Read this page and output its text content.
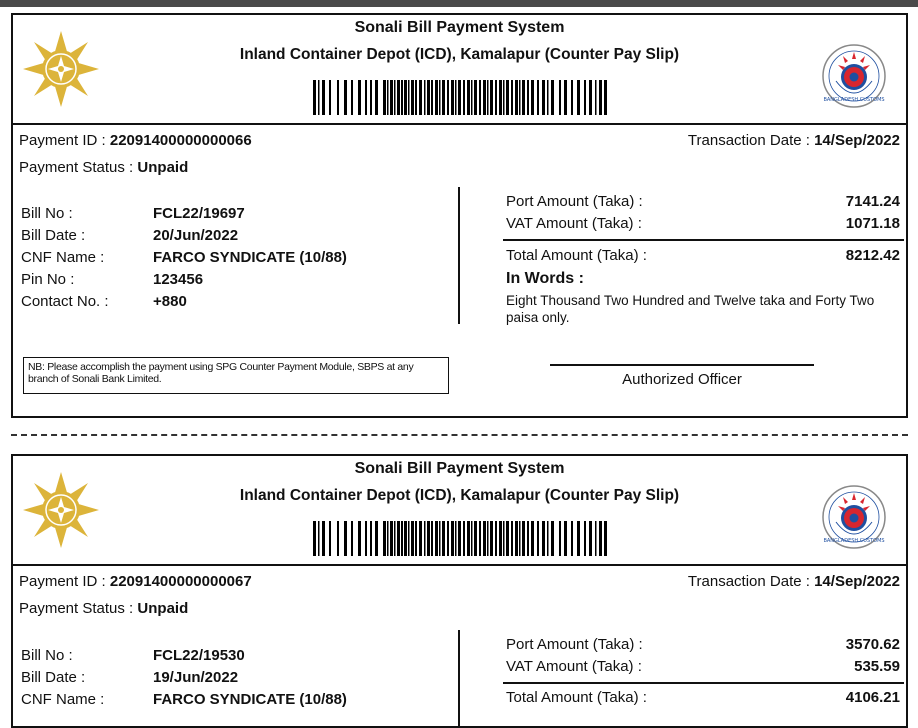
Sonali Bill Payment System
Inland Container Depot (ICD), Kamalapur (Counter Pay Slip)
BANGLADESH CUSTOMS
Payment ID : 22091400000000066	Transaction Date : 14/Sep/2022
Payment Status : Unpaid
Bill No :	FCL22/19697
Bill Date :	20/Jun/2022
CNF Name :	FARCO SYNDICATE (10/88)
Pin No :	123456
Contact No. :	+880
Port Amount (Taka) :	7141.24
VAT Amount (Taka) :	1071.18
Total Amount (Taka) :	8212.42
In Words :
Eight Thousand Two Hundred and Twelve taka and Forty Two
paisa only.
NB: Please accomplish the payment using SPG Counter Payment Module, SBPS at any
branch of Sonali Bank Limited.	Authorized Officer
Sonali Bill Payment System
Inland Container Depot (ICD), Kamalapur (Counter Pay Slip)
BANGLADESH CUSTOMS
Payment ID : 22091400000000067	Transaction Date : 14/Sep/2022
Payment Status : Unpaid
Bill No :	FCL22/19530
Bill Date :	19/Jun/2022
CNF Name :	FARCO SYNDICATE (10/88)
Port Amount (Taka) :	3570.62
VAT Amount (Taka) :	535.59
Total Amount (Taka) :	4106.21
